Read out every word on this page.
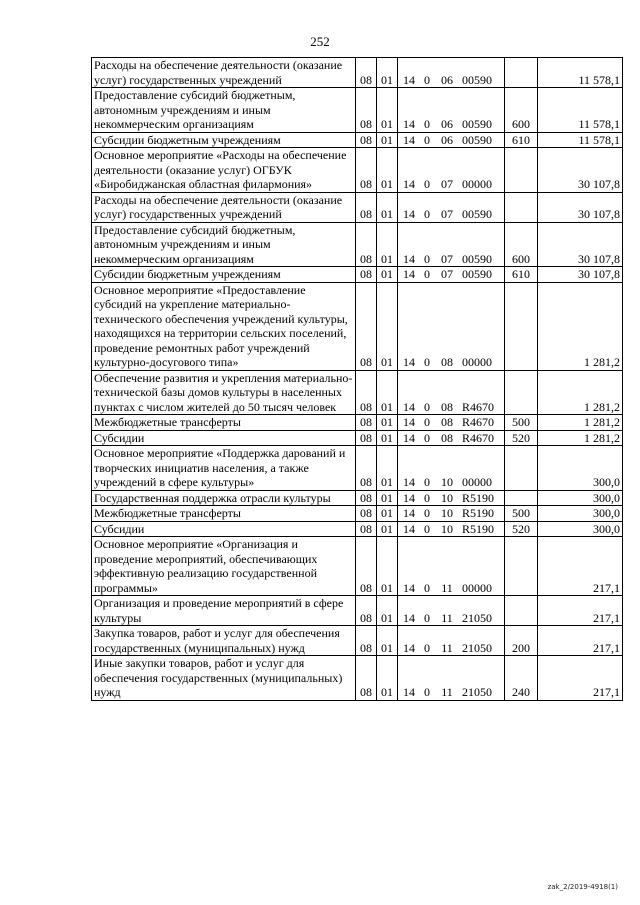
252
Расходы на обеспечение деятельности (оказание услуг) государственных учреждений	08	01	14	0	06	00590		11 578,1
Предоставление субсидий бюджетным, автономным учреждениям и иным некоммерческим организациям	08	01	14	0	06	00590	600	11 578,1
Субсидии бюджетным учреждениям	08	01	14	0	06	00590	610	11 578,1
Основное мероприятие «Расходы на обеспечение деятельности (оказание услуг) ОГБУК «Биробиджанская областная филармония»	08	01	14	0	07	00000		30 107,8
Расходы на обеспечение деятельности (оказание услуг) государственных учреждений	08	01	14	0	07	00590		30 107,8
Предоставление субсидий бюджетным, автономным учреждениям и иным некоммерческим организациям	08	01	14	0	07	00590	600	30 107,8
Субсидии бюджетным учреждениям	08	01	14	0	07	00590	610	30 107,8
Основное мероприятие «Предоставление субсидий на укрепление материально-технического обеспечения учреждений культуры, находящихся на территории сельских поселений, проведение ремонтных работ учреждений культурно-досугового типа»	08	01	14	0	08	00000		1 281,2
Обеспечение развития и укрепления материально-технической базы домов культуры в населенных пунктах с числом жителей до 50 тысяч человек	08	01	14	0	08	R4670		1 281,2
Межбюджетные трансферты	08	01	14	0	08	R4670	500	1 281,2
Субсидии	08	01	14	0	08	R4670	520	1 281,2
Основное мероприятие «Поддержка дарований и творческих инициатив населения, а также учреждений в сфере культуры»	08	01	14	0	10	00000		300,0
Государственная поддержка отрасли культуры	08	01	14	0	10	R5190		300,0
Межбюджетные трансферты	08	01	14	0	10	R5190	500	300,0
Субсидии	08	01	14	0	10	R5190	520	300,0
Основное мероприятие «Организация и проведение мероприятий, обеспечивающих эффективную реализацию государственной программы»	08	01	14	0	11	00000		217,1
Организация и проведение мероприятий в сфере культуры	08	01	14	0	11	21050		217,1
Закупка товаров, работ и услуг для обеспечения государственных (муниципальных) нужд	08	01	14	0	11	21050	200	217,1
Иные закупки товаров, работ и услуг для обеспечения государственных (муниципальных) нужд	08	01	14	0	11	21050	240	217,1
zak_2/2019-4918(1)
